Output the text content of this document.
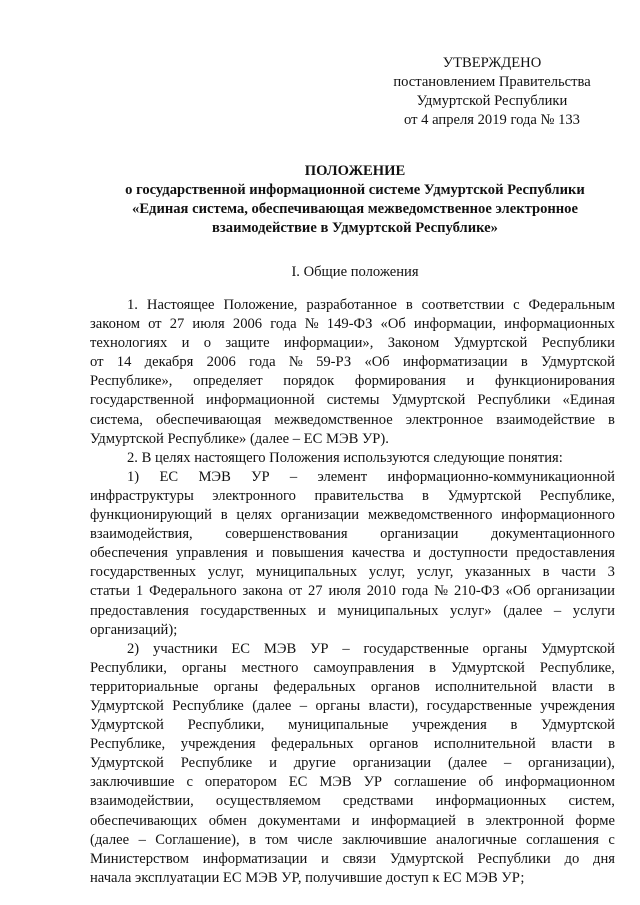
УТВЕРЖДЕНО
постановлением Правительства
Удмуртской Республики
от 4 апреля 2019 года № 133
ПОЛОЖЕНИЕ
о государственной информационной системе Удмуртской Республики
«Единая система, обеспечивающая межведомственное электронное
взаимодействие в Удмуртской Республике»
I. Общие положения
1. Настоящее Положение, разработанное в соответствии с Федеральным
законом от 27 июля 2006 года № 149-ФЗ «Об информации, информационных
технологиях и о защите информации», Законом Удмуртской Республики
от 14 декабря 2006 года № 59-РЗ «Об информатизации в Удмуртской
Республике», определяет порядок формирования и функционирования
государственной информационной системы Удмуртской Республики «Единая
система, обеспечивающая межведомственное электронное взаимодействие в
Удмуртской Республике» (далее – ЕС МЭВ УР).
2. В целях настоящего Положения используются следующие понятия:
1) ЕС МЭВ УР – элемент информационно-коммуникационной
инфраструктуры электронного правительства в Удмуртской Республике,
функционирующий в целях организации межведомственного информационного
взаимодействия, совершенствования организации документационного
обеспечения управления и повышения качества и доступности предоставления
государственных услуг, муниципальных услуг, услуг, указанных в части 3
статьи 1 Федерального закона от 27 июля 2010 года № 210-ФЗ «Об организации
предоставления государственных и муниципальных услуг» (далее – услуги
организаций);
2) участники ЕС МЭВ УР – государственные органы Удмуртской
Республики, органы местного самоуправления в Удмуртской Республике,
территориальные органы федеральных органов исполнительной власти в
Удмуртской Республике (далее – органы власти), государственные учреждения
Удмуртской Республики, муниципальные учреждения в Удмуртской
Республике, учреждения федеральных органов исполнительной власти в
Удмуртской Республике и другие организации (далее – организации),
заключившие с оператором ЕС МЭВ УР соглашение об информационном
взаимодействии, осуществляемом средствами информационных систем,
обеспечивающих обмен документами и информацией в электронной форме
(далее – Соглашение), в том числе заключившие аналогичные соглашения с
Министерством информатизации и связи Удмуртской Республики до дня
начала эксплуатации ЕС МЭВ УР, получившие доступ к ЕС МЭВ УР;
